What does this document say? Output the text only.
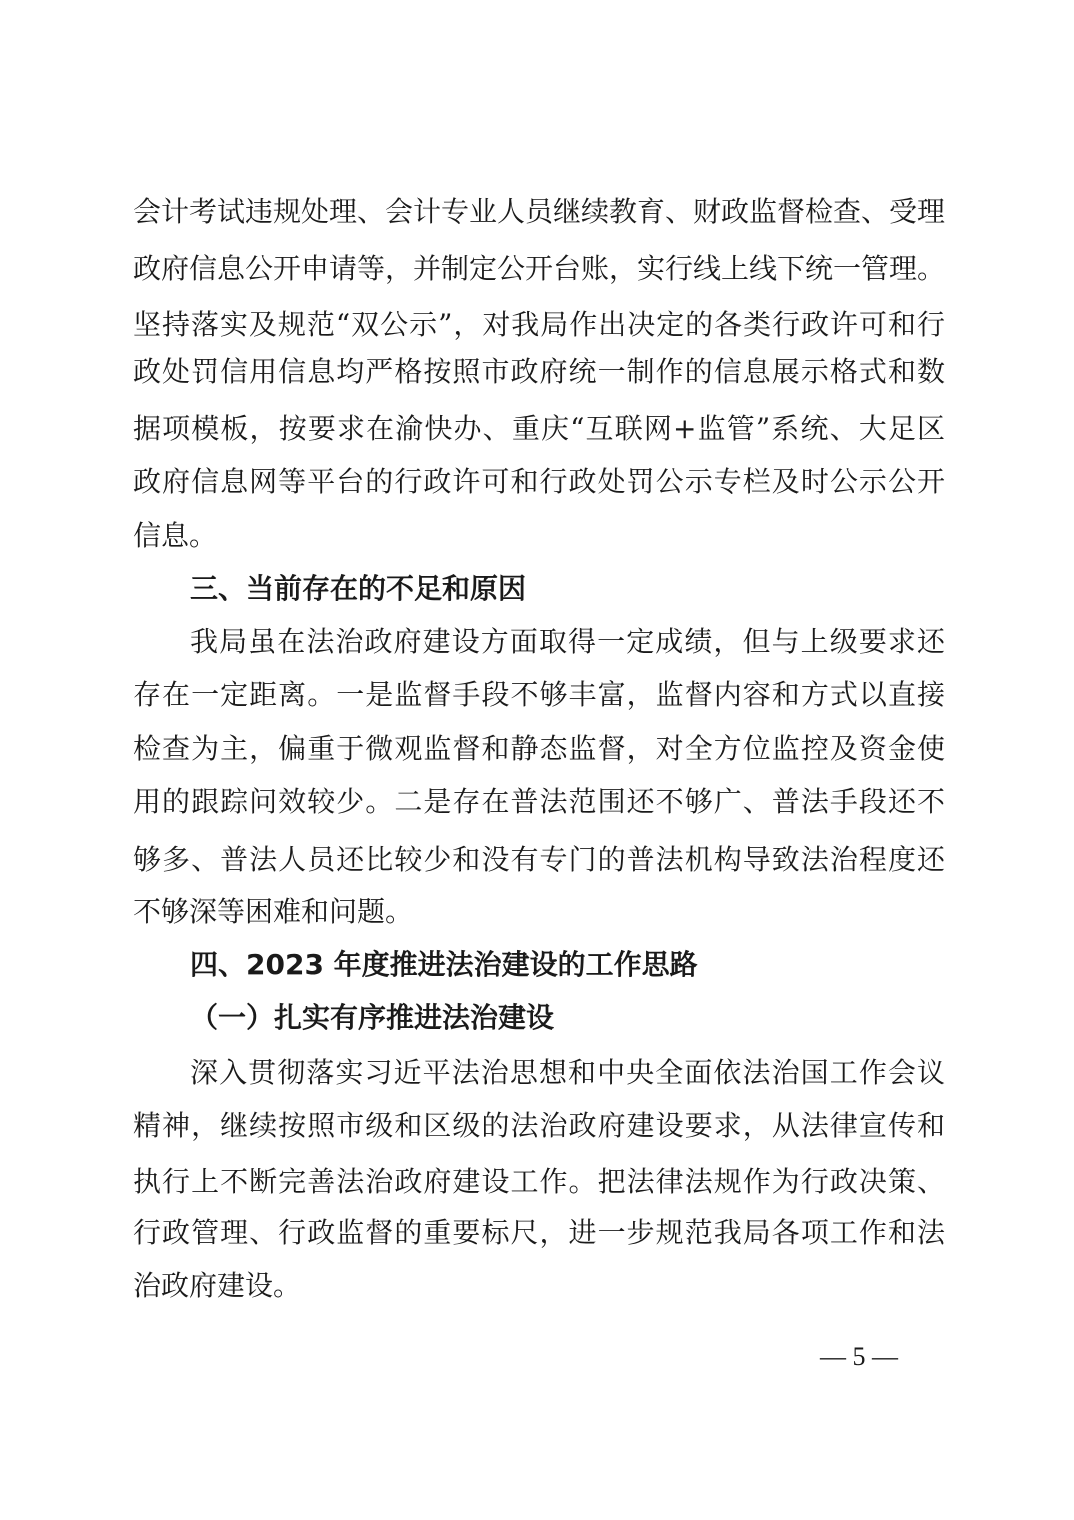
会计考试违规处理、会计专业人员继续教育、财政监督检查、受理
政府信息公开申请等，并制定公开台账，实行线上线下统一管理。
坚持落实及规范“双公示”，对我局作出决定的各类行政许可和行
政处罚信用信息均严格按照市政府统一制作的信息展示格式和数
据项模板，按要求在渝快办、重庆“互联网+监管”系统、大足区
政府信息网等平台的行政许可和行政处罚公示专栏及时公示公开
信息。
三、当前存在的不足和原因
我局虽在法治政府建设方面取得一定成绩，但与上级要求还
存在一定距离。一是监督手段不够丰富，监督内容和方式以直接
检查为主，偏重于微观监督和静态监督，对全方位监控及资金使
用的跟踪问效较少。二是存在普法范围还不够广、普法手段还不
够多、普法人员还比较少和没有专门的普法机构导致法治程度还
不够深等困难和问题。
四、2023 年度推进法治建设的工作思路
（一）扎实有序推进法治建设
深入贯彻落实习近平法治思想和中央全面依法治国工作会议
精神，继续按照市级和区级的法治政府建设要求，从法律宣传和
执行上不断完善法治政府建设工作。把法律法规作为行政决策、
行政管理、行政监督的重要标尺，进一步规范我局各项工作和法
治政府建设。
— 5 —
